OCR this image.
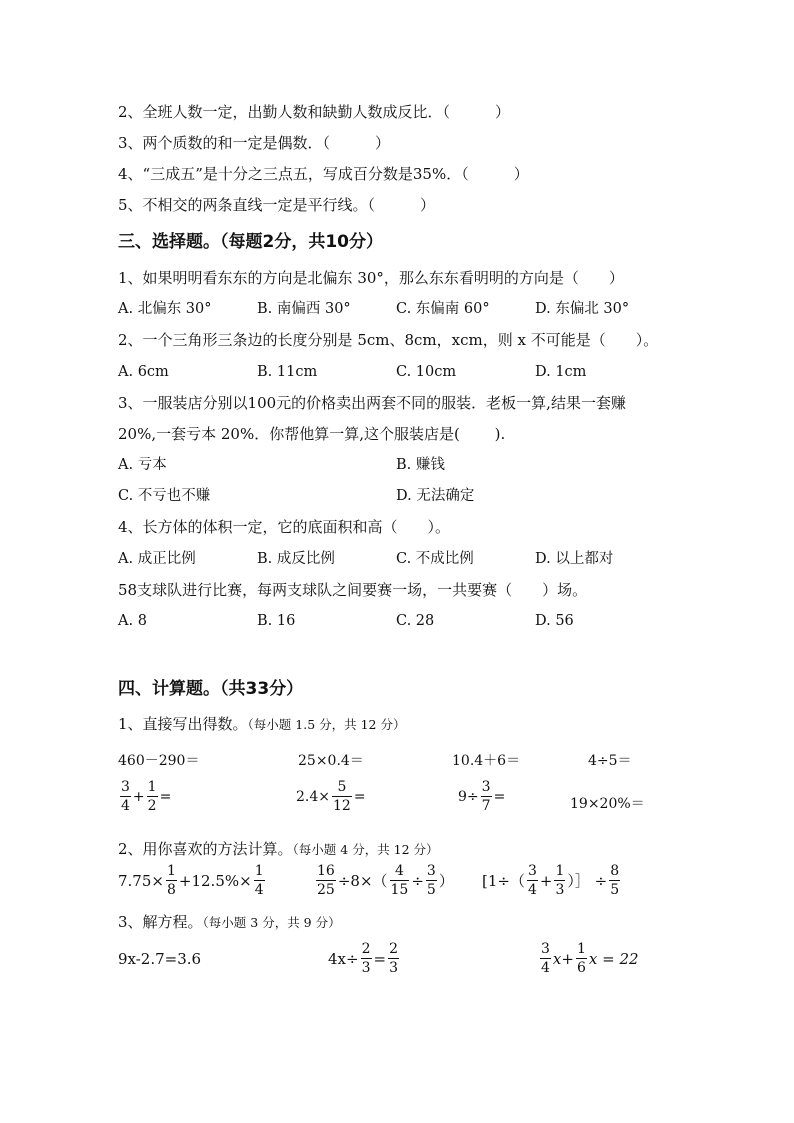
2、全班人数一定，出勤人数和缺勤人数成反比．（　　　）
3、两个质数的和一定是偶数．（　　　）
4、“三成五”是十分之三点五，写成百分数是35%．（　　　）
5、不相交的两条直线一定是平行线。（　　　）
三、选择题。（每题2分，共10分）
1、如果明明看东东的方向是北偏东 30°，那么东东看明明的方向是（　　）
A. 北偏东 30°	B. 南偏西 30°	C. 东偏南 60°	D. 东偏北 30°
2、一个三角形三条边的长度分别是 5cm、8cm，xcm，则 x 不可能是（　　）。
A. 6cm	B. 11cm	C. 10cm	D. 1cm
3、一服装店分别以100元的价格卖出两套不同的服装．老板一算,结果一套赚
20%,一套亏本 20%．你帮他算一算,这个服装店是(　　 ).
A. 亏本	B. 赚钱
C. 不亏也不赚	D. 无法确定
4、长方体的体积一定，它的底面积和高（　　）。
A. 成正比例	B. 成反比例	C. 不成比例	D. 以上都对
58支球队进行比赛，每两支球队之间要赛一场，一共要赛（　　）场。
A. 8	B. 16	C. 28	D. 56
四、计算题。（共33分）
1、直接写出得数。（每小题 1.5 分，共 12 分）
460－290＝	25×0.4＝	10.4＋6＝	4÷5＝
$\frac{3}{4} + \frac{1}{2}$ =	$2.4 \times \frac{5}{12}$ =	$9\div \frac{3}{7}$ =	19×20%＝
2、用你喜欢的方法计算。（每小题 4 分，共 12 分）
$7.75\times \frac{1}{8} +12.5\%\times \frac{1}{4}$	$\frac{16}{25} \div 8\times( \frac{4}{15} \div \frac{3}{5}$ ） [$1\div( \frac{3}{4} + \frac{1}{3}$ ）］ ÷ $\frac{8}{5}$
3、解方程。（每小题 3 分，共 9 分）
9x-2.7=3.6	$4x\div \frac{2}{3} = \frac{2}{3}$	$\frac{3}{4}$ $x + \frac{1}{6}$ x = 22
